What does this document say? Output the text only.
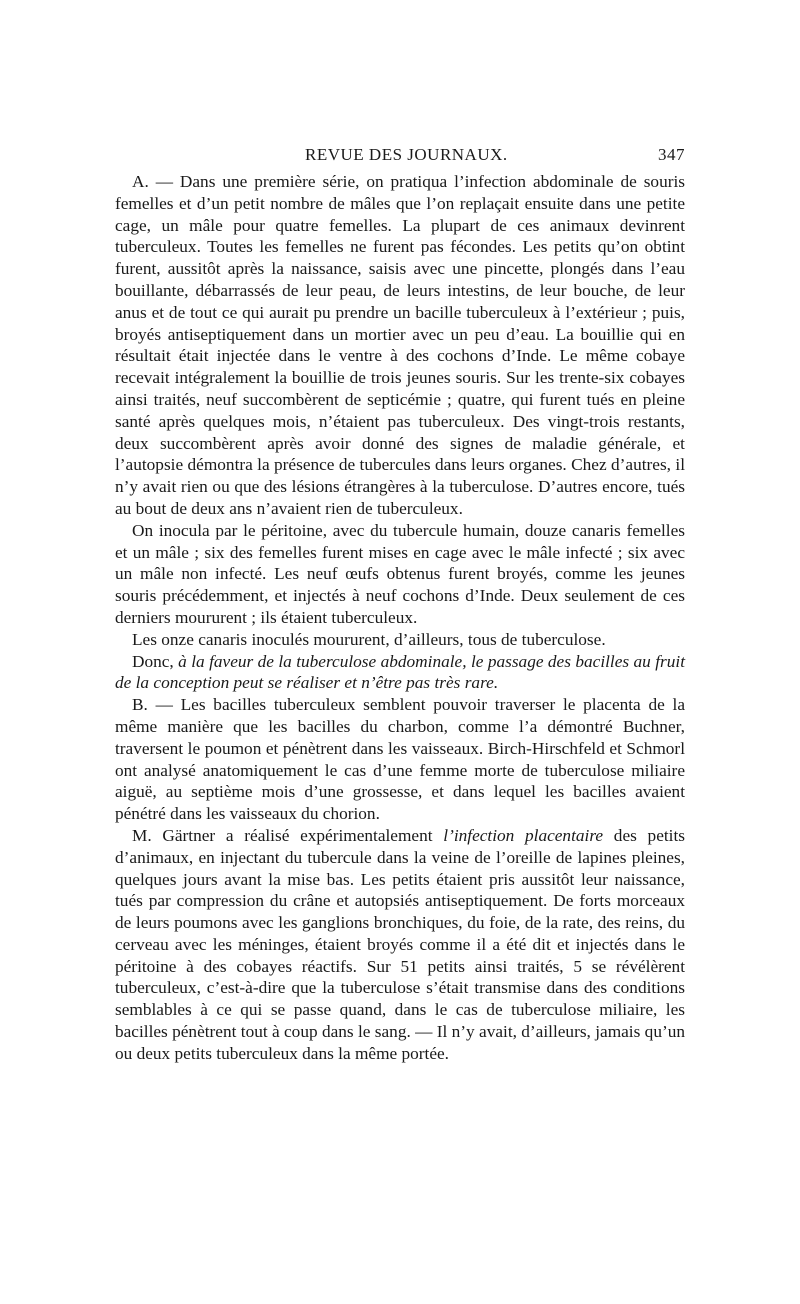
REVUE DES JOURNAUX.	347

A. — Dans une première série, on pratiqua l’infection abdominale de souris femelles et d’un petit nombre de mâles que l’on replaçait ensuite dans une petite cage, un mâle pour quatre femelles. La plupart de ces animaux devinrent tuberculeux. Toutes les femelles ne furent pas fécondes. Les petits qu’on obtint furent, aussitôt après la naissance, saisis avec une pincette, plongés dans l’eau bouillante, débarrassés de leur peau, de leurs intestins, de leur bouche, de leur anus et de tout ce qui aurait pu prendre un bacille tuberculeux à l’extérieur ; puis, broyés antiseptiquement dans un mortier avec un peu d’eau. La bouillie qui en résultait était injectée dans le ventre à des cochons d’Inde. Le même cobaye recevait intégralement la bouillie de trois jeunes souris. Sur les trente-six cobayes ainsi traités, neuf succombèrent de septicémie ; quatre, qui furent tués en pleine santé après quelques mois, n’étaient pas tuberculeux. Des vingt-trois restants, deux succombèrent après avoir donné des signes de maladie générale, et l’autopsie démontra la présence de tubercules dans leurs organes. Chez d’autres, il n’y avait rien ou que des lésions étrangères à la tuberculose. D’autres encore, tués au bout de deux ans n’avaient rien de tuberculeux.

On inocula par le péritoine, avec du tubercule humain, douze canaris femelles et un mâle ; six des femelles furent mises en cage avec le mâle infecté ; six avec un mâle non infecté. Les neuf œufs obtenus furent broyés, comme les jeunes souris précédemment, et injectés à neuf cochons d’Inde. Deux seulement de ces derniers moururent ; ils étaient tuberculeux.

Les onze canaris inoculés moururent, d’ailleurs, tous de tuberculose.

Donc, à la faveur de la tuberculose abdominale, le passage des bacilles au fruit de la conception peut se réaliser et n’être pas très rare.

B. — Les bacilles tuberculeux semblent pouvoir traverser le placenta de la même manière que les bacilles du charbon, comme l’a démontré Buchner, traversent le poumon et pénètrent dans les vaisseaux. Birch-Hirschfeld et Schmorl ont analysé anatomiquement le cas d’une femme morte de tuberculose miliaire aiguë, au septième mois d’une grossesse, et dans lequel les bacilles avaient pénétré dans les vaisseaux du chorion.

M. Gärtner a réalisé expérimentalement l’infection placentaire des petits d’animaux, en injectant du tubercule dans la veine de l’oreille de lapines pleines, quelques jours avant la mise bas. Les petits étaient pris aussitôt leur naissance, tués par compression du crâne et autopsiés antiseptiquement. De forts morceaux de leurs poumons avec les ganglions bronchiques, du foie, de la rate, des reins, du cerveau avec les méninges, étaient broyés comme il a été dit et injectés dans le péritoine à des cobayes réactifs. Sur 51 petits ainsi traités, 5 se révélèrent tuberculeux, c’est-à-dire que la tuberculose s’était transmise dans des conditions semblables à ce qui se passe quand, dans le cas de tuberculose miliaire, les bacilles pénètrent tout à coup dans le sang. — Il n’y avait, d’ailleurs, jamais qu’un ou deux petits tuberculeux dans la même portée.
